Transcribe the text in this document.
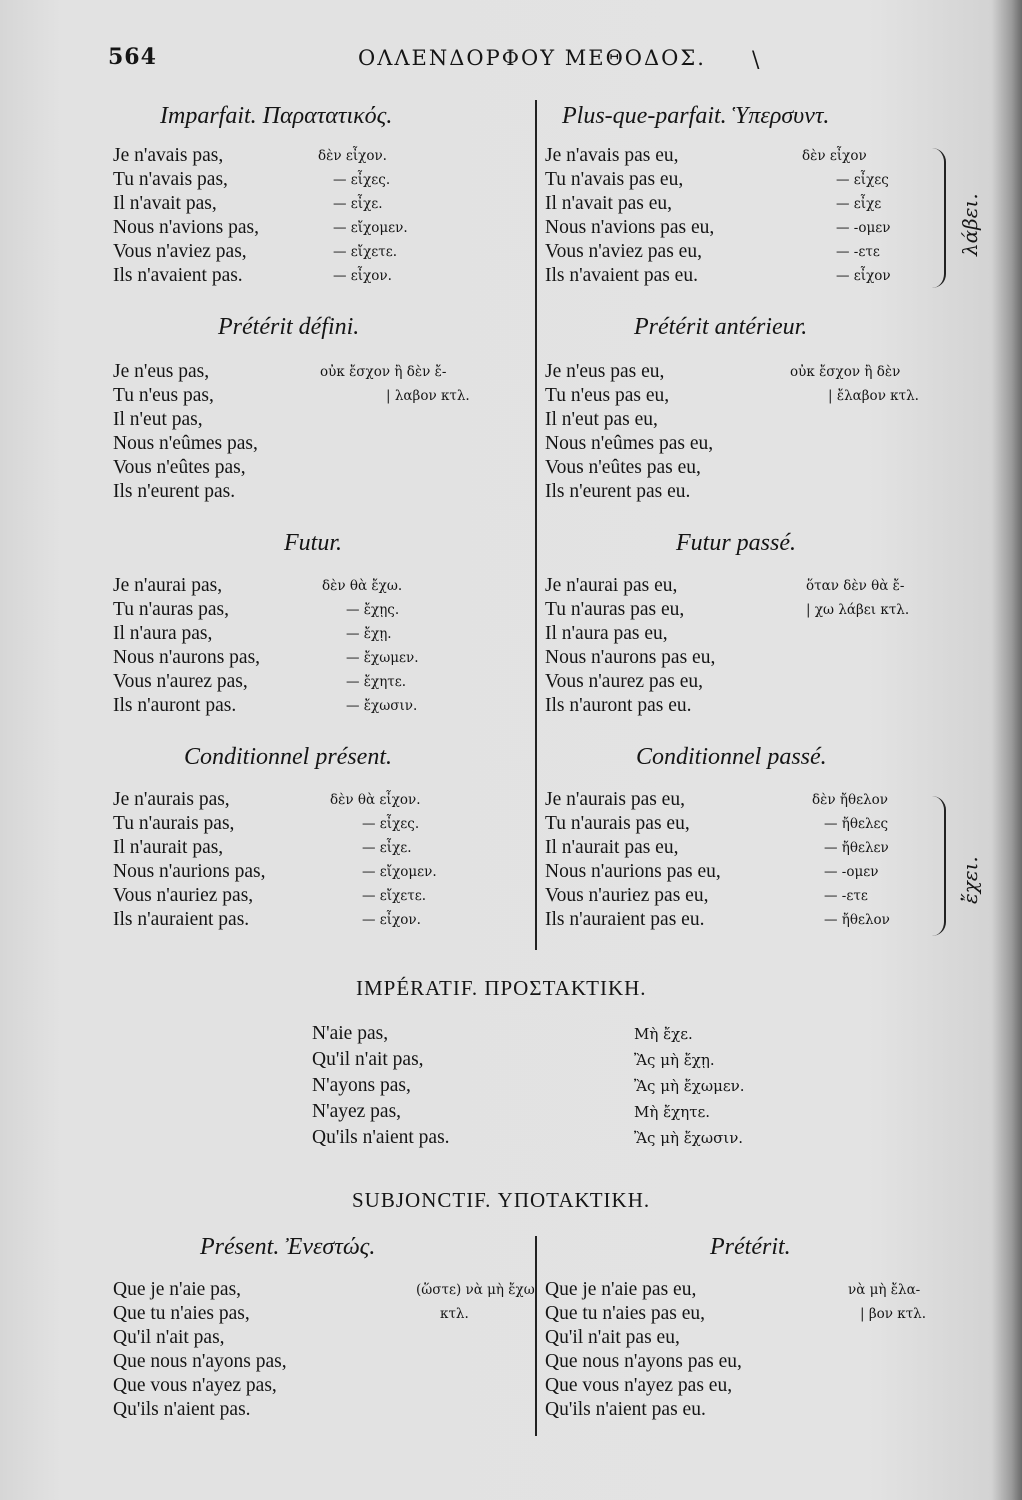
564	ΟΛΛΕΝΔΟΡΦΟΥ ΜΕΘΟΔΟΣ. \
Imparfait. Παρατατικός.
Je n'avais pas,
Tu n'avais pas,
Il n'avait pas,
Nous n'avions pas,
Vous n'aviez pas,
Ils n'avaient pas.
δὲν εἶχον.
— εἶχες.
— εἶχε.
— εἴχομεν.
— εἴχετε.
— εἶχον.
Prétérit défini.
Je n'eus pas,
Tu n'eus pas,
Il n'eut pas,
Nous n'eûmes pas,
Vous n'eûtes pas,
Ils n'eurent pas.
οὐκ ἔσχον ἢ δὲν ἔ-
| λαβον κτλ.
Futur.
Je n'aurai pas,
Tu n'auras pas,
Il n'aura pas,
Nous n'aurons pas,
Vous n'aurez pas,
Ils n'auront pas.
δὲν θὰ ἔχω.
— ἔχῃς.
— ἔχῃ.
— ἔχωμεν.
— ἔχητε.
— ἔχωσιν.
Conditionnel présent.
Je n'aurais pas,
Tu n'aurais pas,
Il n'aurait pas,
Nous n'aurions pas,
Vous n'auriez pas,
Ils n'auraient pas.
δὲν θὰ εἶχον.
— εἶχες.
— εἶχε.
— εἴχομεν.
— εἴχετε.
— εἶχον.
Plus-que-parfait. Ὑπερσυντ.
Je n'avais pas eu,
Tu n'avais pas eu,
Il n'avait pas eu,
Nous n'avions pas eu,
Vous n'aviez pas eu,
Ils n'avaient pas eu.
δὲν εἶχον
— εἶχες
— εἶχε
— -ομεν
— -ετε
— εἶχον
λάβει.
Prétérit antérieur.
Je n'eus pas eu,
Tu n'eus pas eu,
Il n'eut pas eu,
Nous n'eûmes pas eu,
Vous n'eûtes pas eu,
Ils n'eurent pas eu.
οὐκ ἔσχον ἢ δὲν
| ἔλαβον κτλ.
Futur passé.
Je n'aurai pas eu,
Tu n'auras pas eu,
Il n'aura pas eu,
Nous n'aurons pas eu,
Vous n'aurez pas eu,
Ils n'auront pas eu.
ὅταν δὲν θὰ ἔ-
| χω λάβει κτλ.
Conditionnel passé.
Je n'aurais pas eu,
Tu n'aurais pas eu,
Il n'aurait pas eu,
Nous n'aurions pas eu,
Vous n'auriez pas eu,
Ils n'auraient pas eu.
δὲν ἤθελον
— ἤθελες
— ἤθελεν
— -ομεν
— -ετε
— ἤθελον
ἔχει.
IMPÉRATIF. ΠΡΟΣΤΑΚΤΙΚΗ.
N'aie pas,
Qu'il n'ait pas,
N'ayons pas,
N'ayez pas,
Qu'ils n'aient pas.
Μὴ ἔχε.
Ἂς μὴ ἔχῃ.
Ἂς μὴ ἔχωμεν.
Μὴ ἔχητε.
Ἂς μὴ ἔχωσιν.
SUBJONCTIF. ΥΠΟΤΑΚΤΙΚΗ.
Présent. Ἐνεστώς.
Que je n'aie pas,
Que tu n'aies pas,
Qu'il n'ait pas,
Que nous n'ayons pas,
Que vous n'ayez pas,
Qu'ils n'aient pas.
(ὥστε) νὰ μὴ ἔχω
κτλ.
Prétérit.
Que je n'aie pas eu,
Que tu n'aies pas eu,
Qu'il n'ait pas eu,
Que nous n'ayons pas eu,
Que vous n'ayez pas eu,
Qu'ils n'aient pas eu.
νὰ μὴ ἔλα-
| βον κτλ.
